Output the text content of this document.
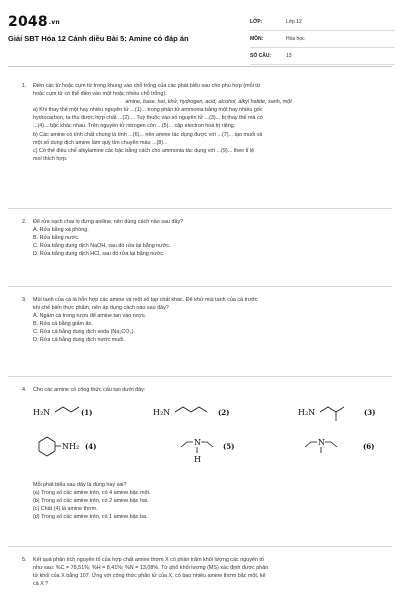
2048.vn
Giải SBT Hóa 12 Cánh diều Bài 5: Amine có đáp án
LỚP:	Lớp 12
MÔN:	Hóa học
SỐ CÂU:	13
1. Điền các từ hoặc cụm từ trong khung vào chỗ trống của các phát biểu sau cho phù hợp (mỗi từ
hoặc cụm từ có thể điền vào một hoặc nhiều chỗ trống).
amine, base, hai, khử, hydrogen, acid, alcohol, alkyl halide, xanh, một
a) Khi thay thế một hay nhiều nguyên tử ...(1)... trong phân tử ammonia bằng một hay nhiều gốc
hydrocarbon, ta thu được hợp chất ...(2).... Tuỳ thuộc vào số nguyên tử ...(3)... bị thay thế mà có
...(4)... bậc khác nhau. Trên nguyên tử nitrogen còn ...(5)... cặp electron hoá trị riêng.
b) Các amine có tính chất chung là tính ...(6)... nên amine tác dụng được với ...(7)... tạo muối và
một số dung dịch amine làm quỳ tím chuyển màu ...(8)...
c) Có thể điều chế alkylamine các bậc bằng cách cho ammonia tác dụng với ...(9)... theo tỉ lệ
mol thích hợp.
2. Để rửa sạch chai lọ đựng aniline, nên dùng cách nào sau đây?
A. Rửa bằng xà phòng.
B. Rửa bằng nước.
C. Rửa bằng dung dịch NaOH, sau đó rửa lại bằng nước.
D. Rửa bằng dung dịch HCl, sau đó rửa lại bằng nước.
3. Mùi tanh của cá là hỗn hợp các amine và một số tạp chất khác. Để khử mùi tanh của cá trước
khi chế biến thực phẩm, nên áp dụng cách nào sau đây?
A. Ngâm cá trong rượu để amine tan vào rượu.
B. Rửa cá bằng giấm ăn.
C. Rửa cá bằng dung dịch soda (Na₂CO₃).
D. Rửa cá bằng dung dịch nước muối.
4. Cho các amine có công thức cấu tạo dưới đây:
H₂N	(1)	H₂N	(2)	H₂N	(3)
NH₂ (4)	N
H
(5)	N	(6)
Mỗi phát biểu sau đây là đúng hay sai?
(a) Trong số các amine trên, có 4 amine bậc một.
(b) Trong số các amine trên, có 2 amine bậc hai.
(c) Chất (4) là amine thơm.
(d) Trong số các amine trên, có 1 amine bậc ba.
5. Kết quả phân tích nguyên tố của hợp chất amine thơm X có phần trăm khối lượng các nguyên tố
như sau: %C = 78,51%; %H = 8,41%; %N = 13,08%. Từ phổ khối lượng (MS) xác định được phân
tử khối của X bằng 107. Ứng với công thức phân tử của X, có bao nhiêu amine thơm bậc một, kể
cả X ?
